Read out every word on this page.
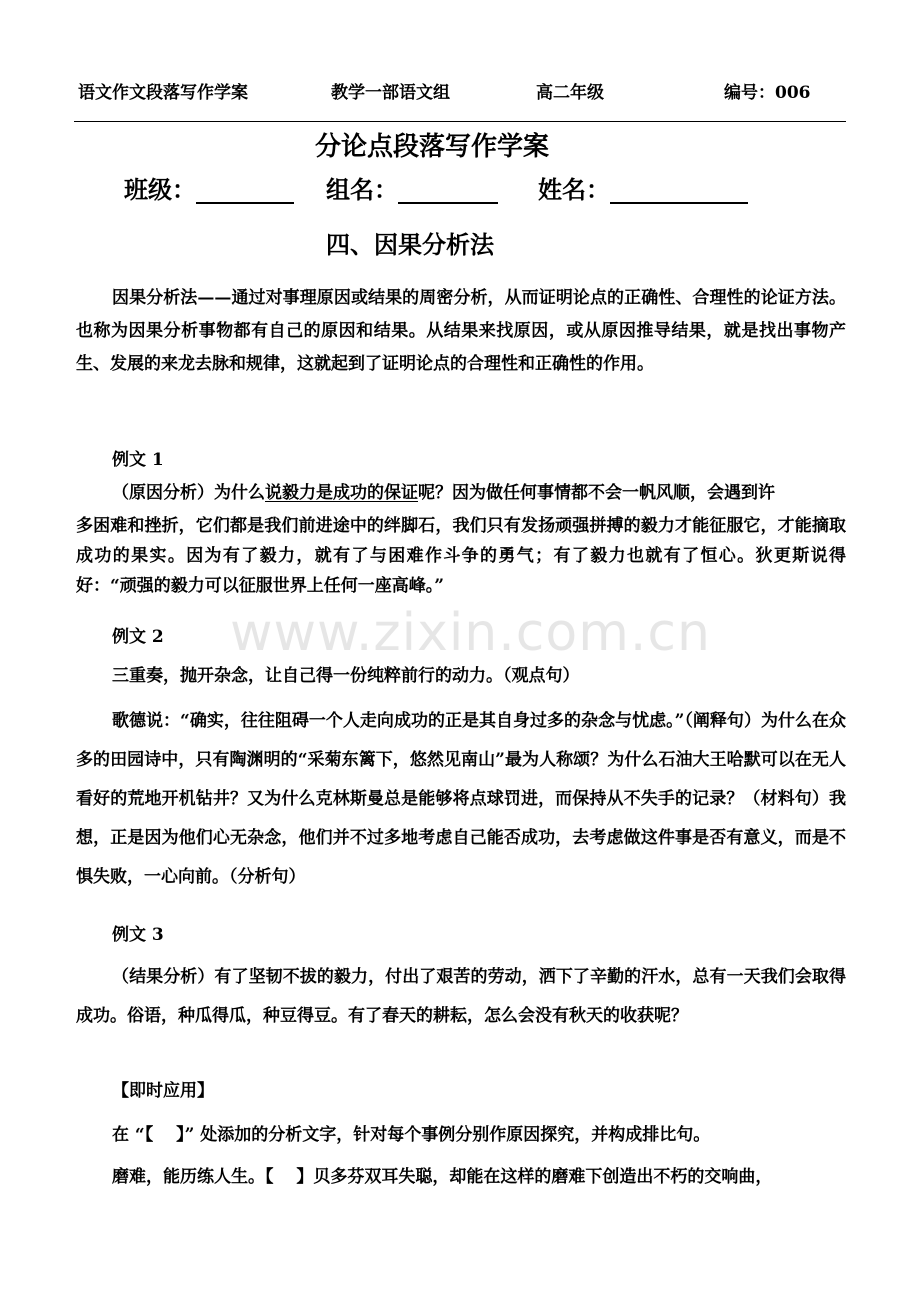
语文作文段落写作学案	教学一部语文组	高二年级	编号：006
分论点段落写作学案
班级：	组名：	姓名：
四、因果分析法
因果分析法——通过对事理原因或结果的周密分析，从而证明论点的正确性、合理性的论证方法。也称为因果分析事物都有自己的原因和结果。从结果来找原因，或从原因推导结果，就是找出事物产生、发展的来龙去脉和规律，这就起到了证明论点的合理性和正确性的作用。
例文 1
（原因分析）为什么说毅力是成功的保证呢？因为做任何事情都不会一帆风顺，会遇到许
多困难和挫折，它们都是我们前进途中的绊脚石，我们只有发扬顽强拼搏的毅力才能征服它，才能摘取成功的果实。因为有了毅力，就有了与困难作斗争的勇气；有了毅力也就有了恒心。狄更斯说得好：“顽强的毅力可以征服世界上任何一座高峰。”
例文 2
三重奏，抛开杂念，让自己得一份纯粹前行的动力。（观点句）
歌德说：“确实，往往阻碍一个人走向成功的正是其自身过多的杂念与忧虑。”（阐释句）为什么在众多的田园诗中，只有陶渊明的“采菊东篱下，悠然见南山”最为人称颂？为什么石油大王哈默可以在无人看好的荒地开机钻井？又为什么克林斯曼总是能够将点球罚进，而保持从不失手的记录？（材料句）我想，正是因为他们心无杂念，他们并不过多地考虑自己能否成功，去考虑做这件事是否有意义，而是不惧失败，一心向前。（分析句）
例文 3
（结果分析）有了坚韧不拔的毅力，付出了艰苦的劳动，洒下了辛勤的汗水，总有一天我们会取得成功。俗语，种瓜得瓜，种豆得豆。有了春天的耕耘，怎么会没有秋天的收获呢？
【即时应用】
在 “【　 】” 处添加的分析文字，针对每个事例分别作原因探究，并构成排比句。
磨难，能历练人生。【　 】贝多芬双耳失聪，却能在这样的磨难下创造出不朽的交响曲，
www.zixin.com.cn
